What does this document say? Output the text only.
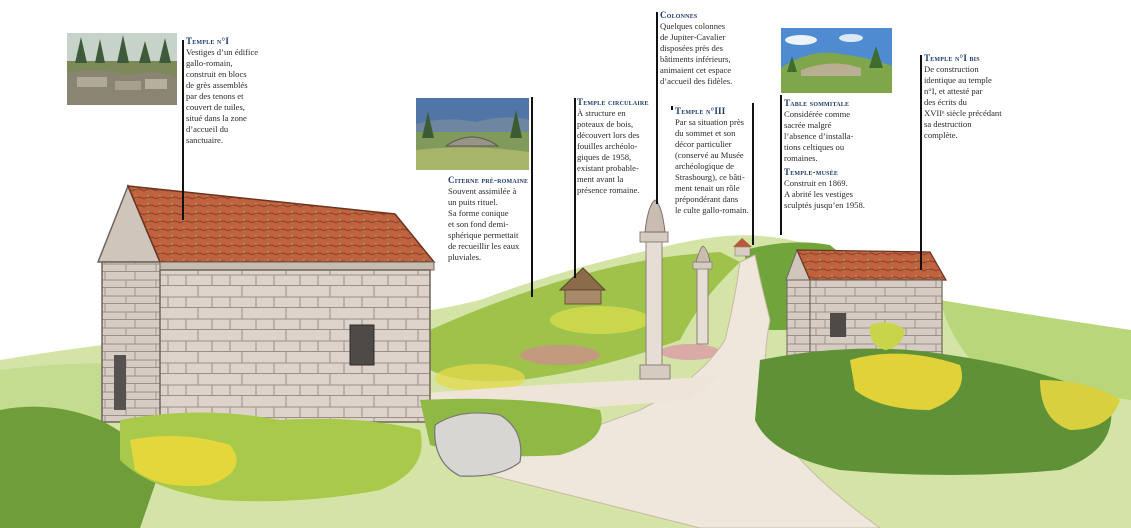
Temple n°I
Vestiges d’un édifice
gallo-romain,
construit en blocs
de grès assemblés
par des tenons et
couvert de tuiles,
situé dans la zone
d’accueil du
sanctuaire.
Citerne pré-romaine
Souvent assimilée à
un puits rituel.
Sa forme conique
et son fond demi-
sphérique permettait
de recueillir les eaux
pluviales.
Temple circulaire
À structure en
poteaux de bois,
découvert lors des
fouilles archéolo-
giques de 1958,
existant probable-
ment avant la
présence romaine.
Colonnes
Quelques colonnes
de Jupiter-Cavalier
disposées près des
bâtiments inférieurs,
animaient cet espace
d’accueil des fidèles.
Temple n°III
Par sa situation près
du sommet et son
décor particulier
(conservé au Musée
archéologique de
Strasbourg), ce bâti-
ment tenait un rôle
prépondérant dans
le culte gallo-romain.
Table sommitale
Considérée comme
sacrée malgré
l’absence d’installa-
tions celtiques ou
romaines.
Temple-musée
Construit en 1869.
A abrité les vestiges
sculptés jusqu’en 1958.
Temple n°I bis
De construction
identique au temple
n°I, et attesté par
des écrits du
XVIIᵉ siècle précédant
sa destruction
complète.
